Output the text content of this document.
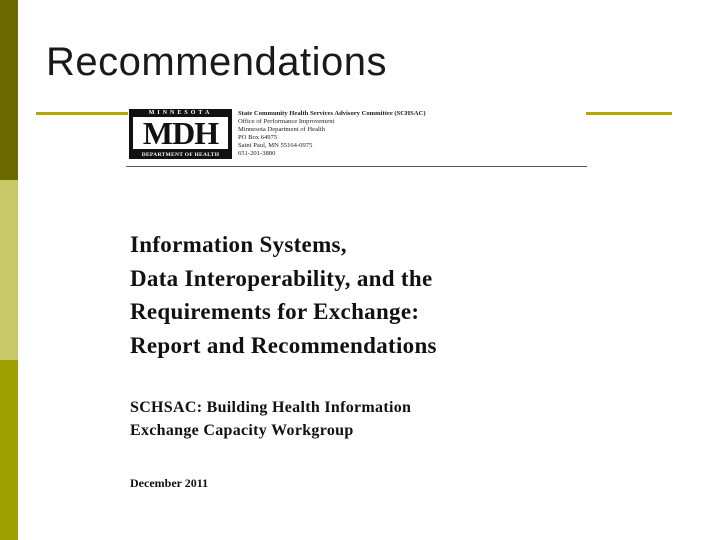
Recommendations
MINNESOTA
MDH
DEPARTMENT OF HEALTH
State Community Health Services Advisory Committee (SCHSAC)
Office of Performance Improvement
Minnesota Department of Health
PO Box 64975
Saint Paul, MN 55164-0975
651-201-3880
Information Systems,
Data Interoperability, and the
Requirements for Exchange:
Report and Recommendations
SCHSAC: Building Health Information
Exchange Capacity Workgroup
December 2011
